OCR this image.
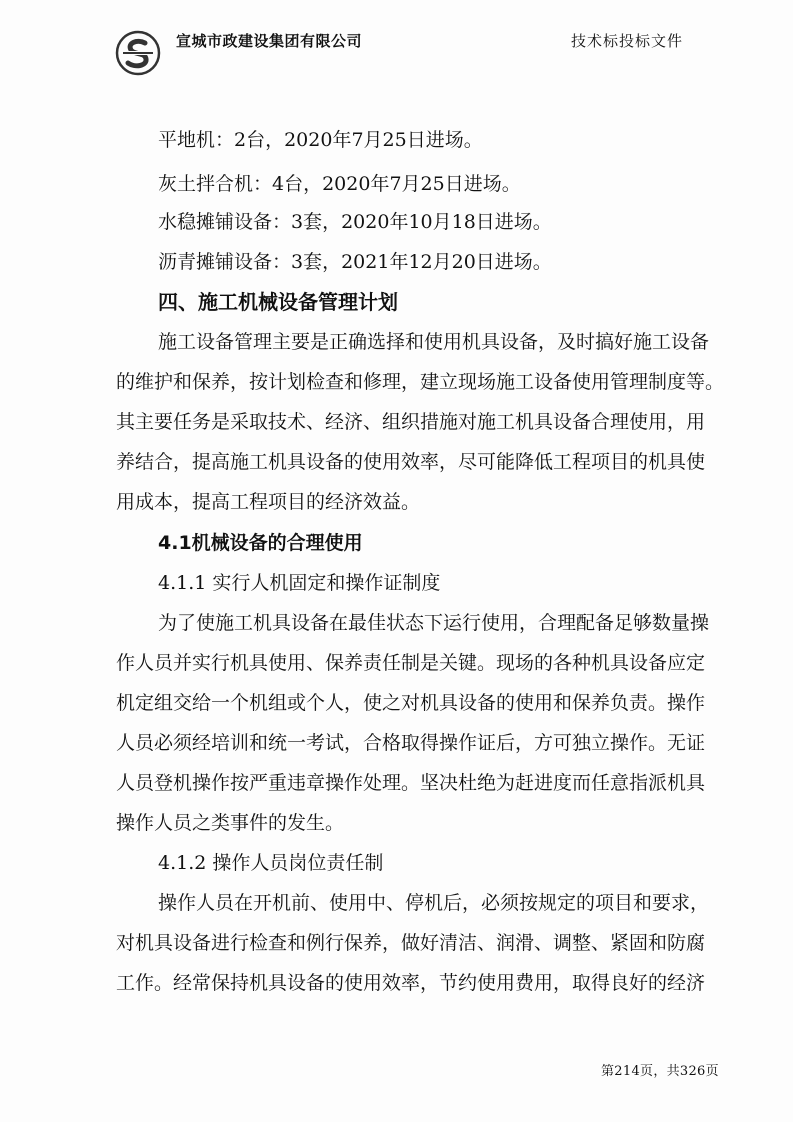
宣城市政建设集团有限公司	技术标投标文件
平地机：2台，2020年7月25日进场。
灰土拌合机：4台，2020年7月25日进场。
水稳摊铺设备：3套，2020年10月18日进场。
沥青摊铺设备：3套，2021年12月20日进场。
四、施工机械设备管理计划
施工设备管理主要是正确选择和使用机具设备，及时搞好施工设备
的维护和保养，按计划检查和修理，建立现场施工设备使用管理制度等。
其主要任务是采取技术、经济、组织措施对施工机具设备合理使用，用
养结合，提高施工机具设备的使用效率，尽可能降低工程项目的机具使
用成本，提高工程项目的经济效益。
4.1机械设备的合理使用
4.1.1 实行人机固定和操作证制度
为了使施工机具设备在最佳状态下运行使用，合理配备足够数量操
作人员并实行机具使用、保养责任制是关键。现场的各种机具设备应定
机定组交给一个机组或个人，使之对机具设备的使用和保养负责。操作
人员必须经培训和统一考试，合格取得操作证后，方可独立操作。无证
人员登机操作按严重违章操作处理。坚决杜绝为赶进度而任意指派机具
操作人员之类事件的发生。
4.1.2 操作人员岗位责任制
操作人员在开机前、使用中、停机后，必须按规定的项目和要求，
对机具设备进行检查和例行保养，做好清洁、润滑、调整、紧固和防腐
工作。经常保持机具设备的使用效率，节约使用费用，取得良好的经济
第214页，共326页
